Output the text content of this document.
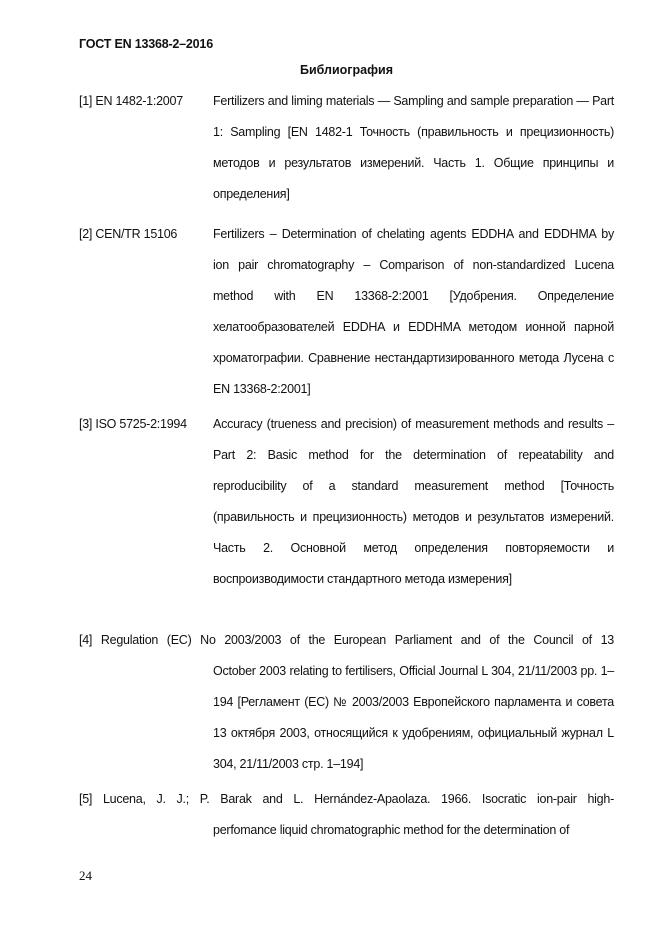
ГОСТ EN 13368-2–2016
Библиография
[1] EN 1482-1:2007 Fertilizers and liming materials — Sampling and sample preparation — Part 1: Sampling [EN 1482-1 Точность (правильность и прецизионность) методов и результатов измерений. Часть 1. Общие принципы и определения]
[2] CEN/TR 15106	Fertilizers – Determination of chelating agents EDDHA and EDDHMA by ion pair chromatography – Comparison of non-standardized Lucena method with EN 13368-2:2001 [Удобрения. Определение хелатообразователей EDDHA и EDDHMA методом ионной парной хроматографии. Сравнение нестандартизированного метода Лусена с EN 13368-2:2001]
[3] ISO 5725-2:1994 Accuracy (trueness and precision) of measurement methods and results – Part 2: Basic method for the determination of repeatability and reproducibility of a standard measurement method [Точность (правильность и прецизионность) методов и результатов измерений. Часть 2. Основной метод определения повторяемости и воспроизводимости стандартного метода измерения]
[4] Regulation (EC) No 2003/2003 of the European Parliament and of the Council of 13
October 2003 relating to fertilisers, Official Journal L 304, 21/11/2003 pp. 1–194 [Регламент (ЕС) № 2003/2003 Европейского парламента и совета 13 октября 2003, относящийся к удобрениям, официальный журнал L 304, 21/11/2003 стр. 1–194]
[5] Lucena, J. J.; P. Barak and L. Hernández-Apaolaza. 1966. Isocratic ion-pair high-
perfomance liquid chromatographic method for the determination of
24
